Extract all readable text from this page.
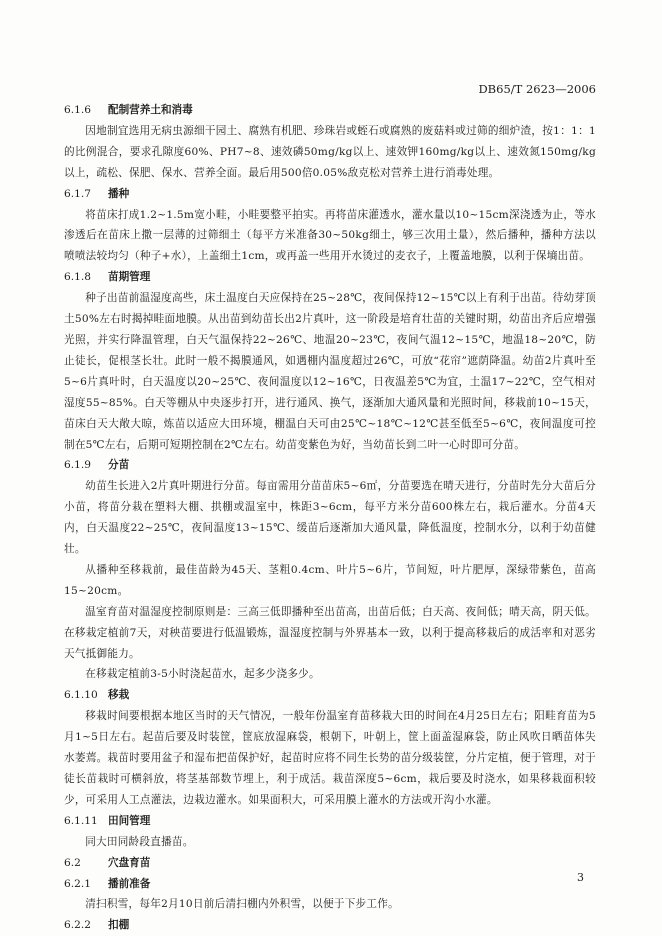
DB65/T 2623—2006

6.1.6 配制营养土和消毒

因地制宜选用无病虫源细干园土、腐熟有机肥、珍珠岩或蛭石或腐熟的废菇料或过筛的细炉渣，按1：1：1的比例混合，要求孔隙度60%、PH7~8、速效磷50mg/kg以上、速效钾160mg/kg以上、速效氮150mg/kg以上，疏松、保肥、保水、营养全面。最后用500倍0.05%敌克松对营养土进行消毒处理。

6.1.7 播种

将苗床打成1.2~1.5m宽小畦，小畦要整平拍实。再将苗床灌透水，灌水量以10~15cm深浇透为止，等水渗透后在苗床上撒一层薄的过筛细土（每平方米准备30~50kg细土，够三次用土量），然后播种，播种方法以喷喷法较均匀（种子+水），上盖细土1cm，或再盖一些用开水烫过的麦衣子，上覆盖地膜，以利于保墒出苗。

6.1.8 苗期管理

种子出苗前温湿度高些，床土温度白天应保持在25~28℃，夜间保持12~15℃以上有利于出苗。待幼芽顶土50%左右时揭掉畦面地膜。从出苗到幼苗长出2片真叶，这一阶段是培育壮苗的关键时期，幼苗出齐后应增强光照，并实行降温管理，白天气温保持22~26℃、地温20~23℃，夜间气温12~15℃，地温18~20℃，防止徒长，促根茎长壮。此时一般不揭膜通风，如遇棚内温度超过26℃，可放“花帘”遮荫降温。幼苗2片真叶至5~6片真叶时，白天温度以20~25℃、夜间温度以12~16℃，日夜温差5℃为宜，土温17~22℃，空气相对湿度55~85%。白天等棚从中央逐步打开，进行通风、换气，逐渐加大通风量和光照时间，移栽前10~15天，苗床白天大敞大晾，炼苗以适应大田环境，棚温白天可由25℃~18℃~12℃甚至低至5~6℃，夜间温度可控制在5℃左右，后期可短期控制在2℃左右。幼苗变紫色为好，当幼苗长到二叶一心时即可分苗。

6.1.9 分苗

幼苗生长进入2片真叶期进行分苗。每亩需用分苗苗床5~6㎡，分苗要选在晴天进行，分苗时先分大苗后分小苗，将苗分栽在塑料大棚、拱棚或温室中，株距3~6cm，每平方米分苗600株左右，栽后灌水。分苗4天内，白天温度22~25℃，夜间温度13~15℃、缓苗后逐渐加大通风量，降低温度，控制水分，以利于幼苗健壮。

从播种至移栽前，最佳苗龄为45天、茎粗0.4cm、叶片5~6片，节间短，叶片肥厚，深绿带紫色，苗高15~20cm。

温室育苗对温湿度控制原则是：三高三低即播种至出苗高，出苗后低；白天高、夜间低；晴天高，阴天低。在移栽定植前7天，对秧苗要进行低温锻炼，温湿度控制与外界基本一致，以利于提高移栽后的成活率和对恶劣天气抵御能力。

在移栽定植前3-5小时浇起苗水，起多少浇多少。

6.1.10 移栽

移栽时间要根据本地区当时的天气情况，一般年份温室育苗移栽大田的时间在4月25日左右；阳畦育苗为5月1~5日左右。起苗后要及时装筐，筐底放湿麻袋，根朝下，叶朝上，筐上面盖湿麻袋，防止风吹日晒苗体失水萎蔫。栽苗时要用盆子和湿布把苗保护好，起苗时应将不同生长势的苗分级装筐，分片定植，便于管理，对于徒长苗栽时可横斜放，将茎基部数节埋上，利于成活。栽苗深度5~6cm，栽后要及时浇水，如果移栽面积较少，可采用人工点灌法，边栽边灌水。如果面积大，可采用膜上灌水的方法或开沟小水灌。

6.1.11 田间管理

同大田同龄段直播苗。

6.2	穴盘育苗

6.2.1 播前准备

清扫积雪，每年2月10日前后清扫棚内外积雪，以便于下步工作。

6.2.2 扣棚

3
